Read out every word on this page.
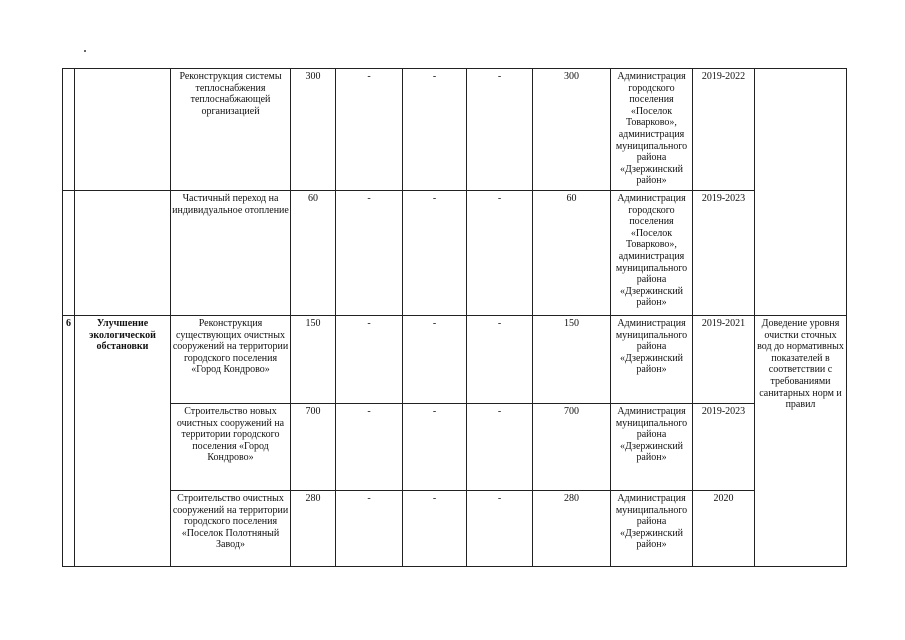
		Реконструкция системы теплоснабжения теплоснабжающей организацией	300	-	-	-	300	Администрация городского поселения «Поселок Товарково», администрация муниципального района «Дзержинский район»	2019-2022	
		Частичный переход на индивидуальное отопление	60	-	-	-	60	Администрация городского поселения «Поселок Товарково», администрация муниципального района «Дзержинский район»	2019-2023	
6	Улучшение экологической обстановки	Реконструкция существующих очистных сооружений на территории городского поселения «Город Кондрово»	150	-	-	-	150	Администрация муниципального района «Дзержинский район»	2019-2021	Доведение уровня очистки сточных вод до нормативных показателей в соответствии с требованиями санитарных норм и правил
		Строительство новых очистных сооружений на территории городского поселения «Город Кондрово»	700	-	-	-	700	Администрация муниципального района «Дзержинский район»	2019-2023	
		Строительство очистных сооружений на территории городского поселения «Поселок Полотняный Завод»	280	-	-	-	280	Администрация муниципального района «Дзержинский район»	2020	
